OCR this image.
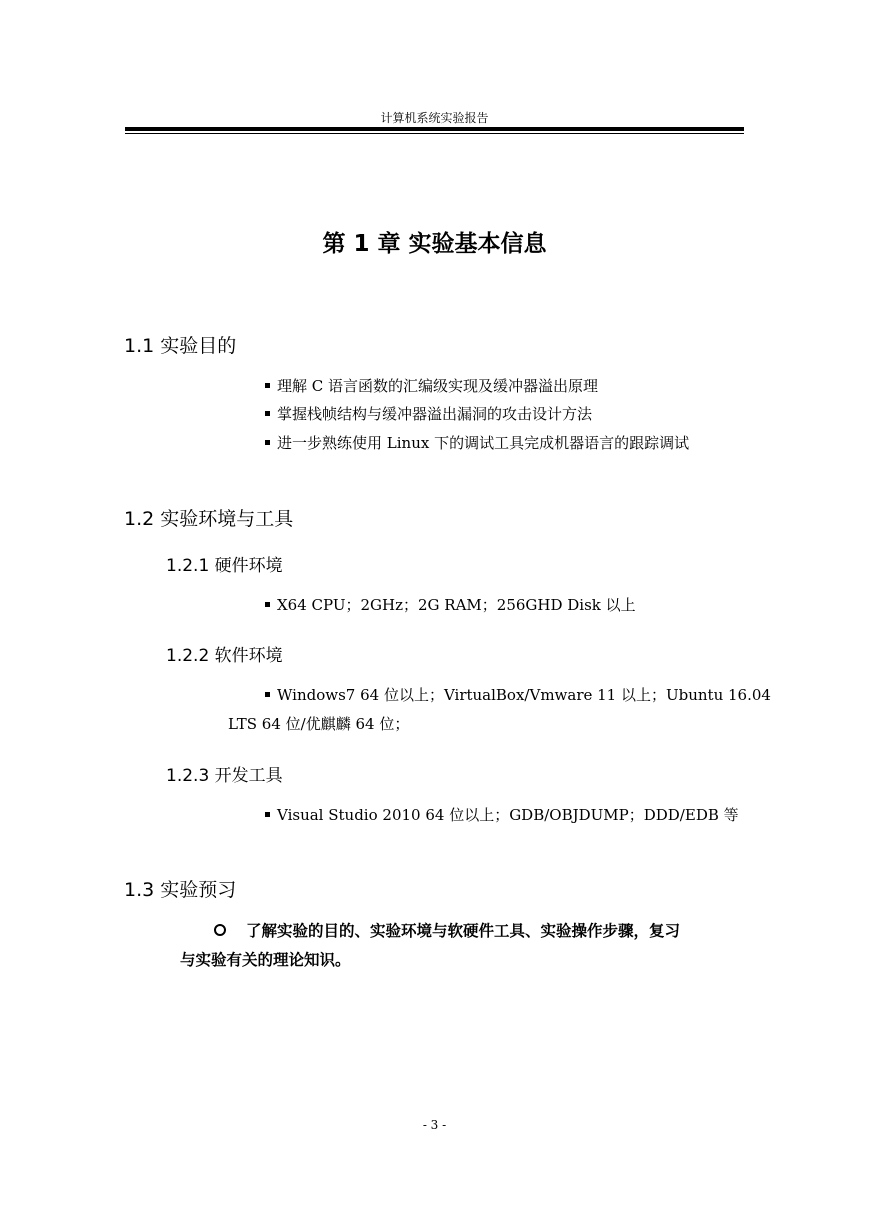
计算机系统实验报告
第 1 章 实验基本信息
1.1 实验目的
理解 C 语言函数的汇编级实现及缓冲器溢出原理
掌握栈帧结构与缓冲器溢出漏洞的攻击设计方法
进一步熟练使用 Linux 下的调试工具完成机器语言的跟踪调试
1.2 实验环境与工具
1.2.1 硬件环境
X64 CPU；2GHz；2G RAM；256GHD Disk 以上
1.2.2 软件环境
Windows7 64 位以上；VirtualBox/Vmware 11 以上；Ubuntu 16.04
LTS 64 位/优麒麟 64 位；
1.2.3 开发工具
Visual Studio 2010 64 位以上；GDB/OBJDUMP；DDD/EDB 等
1.3 实验预习
了解实验的目的、实验环境与软硬件工具、实验操作步骤，复习
与实验有关的理论知识。
- 3 -
